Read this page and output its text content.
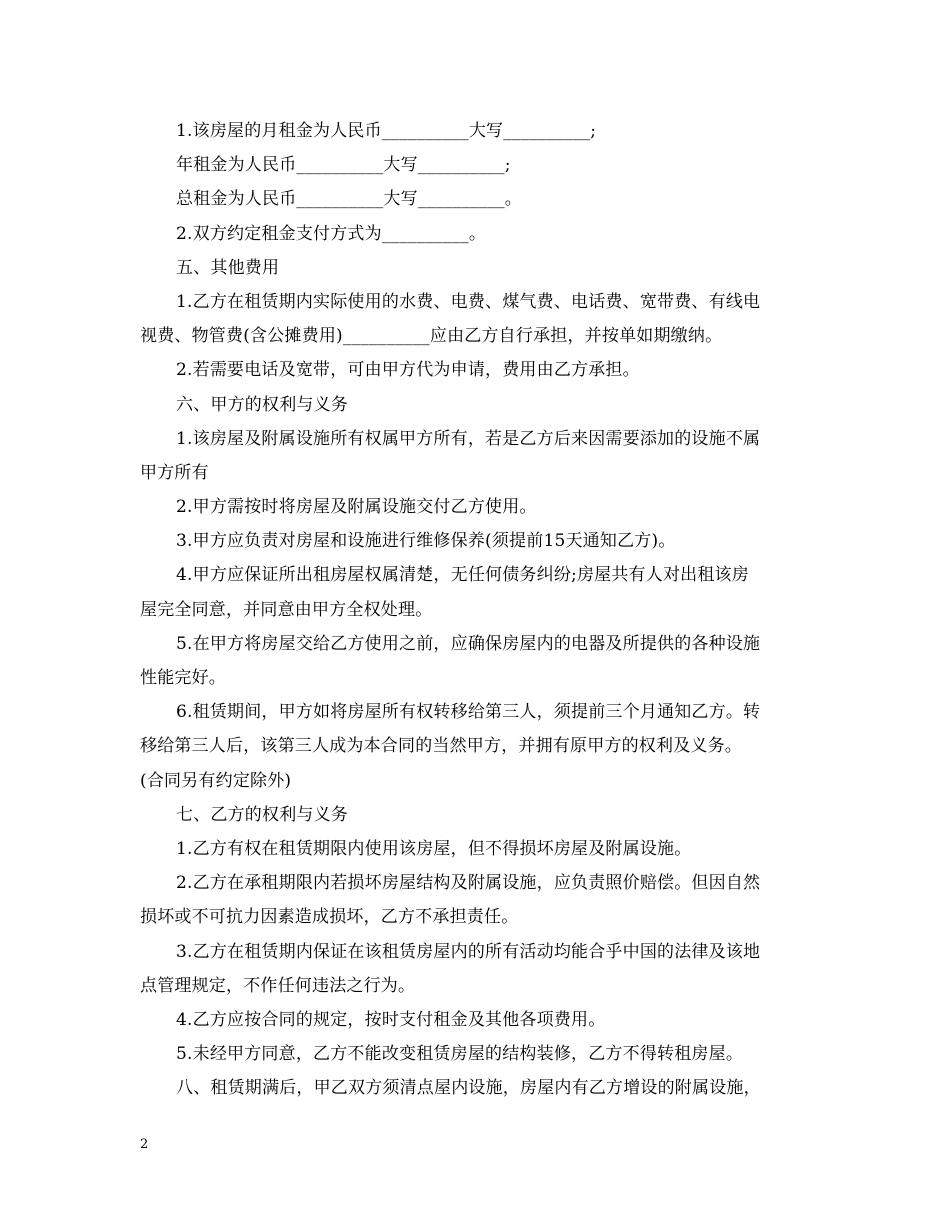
1.该房屋的月租金为人民币__________大写__________;
年租金为人民币__________大写__________;
总租金为人民币__________大写__________。
2.双方约定租金支付方式为__________。
五、其他费用
1.乙方在租赁期内实际使用的水费、电费、煤气费、电话费、宽带费、有线电
视费、物管费(含公摊费用)__________应由乙方自行承担，并按单如期缴纳。
2.若需要电话及宽带，可由甲方代为申请，费用由乙方承担。
六、甲方的权利与义务
1.该房屋及附属设施所有权属甲方所有，若是乙方后来因需要添加的设施不属
甲方所有
2.甲方需按时将房屋及附属设施交付乙方使用。
3.甲方应负责对房屋和设施进行维修保养(须提前15天通知乙方)。
4.甲方应保证所出租房屋权属清楚，无任何债务纠纷;房屋共有人对出租该房
屋完全同意，并同意由甲方全权处理。
5.在甲方将房屋交给乙方使用之前，应确保房屋内的电器及所提供的各种设施
性能完好。
6.租赁期间，甲方如将房屋所有权转移给第三人，须提前三个月通知乙方。转
移给第三人后，该第三人成为本合同的当然甲方，并拥有原甲方的权利及义务。
(合同另有约定除外)
七、乙方的权利与义务
1.乙方有权在租赁期限内使用该房屋，但不得损坏房屋及附属设施。
2.乙方在承租期限内若损坏房屋结构及附属设施，应负责照价赔偿。但因自然
损坏或不可抗力因素造成损坏，乙方不承担责任。
3.乙方在租赁期内保证在该租赁房屋内的所有活动均能合乎中国的法律及该地
点管理规定，不作任何违法之行为。
4.乙方应按合同的规定，按时支付租金及其他各项费用。
5.未经甲方同意，乙方不能改变租赁房屋的结构装修，乙方不得转租房屋。
八、租赁期满后，甲乙双方须清点屋内设施，房屋内有乙方增设的附属设施，
2
